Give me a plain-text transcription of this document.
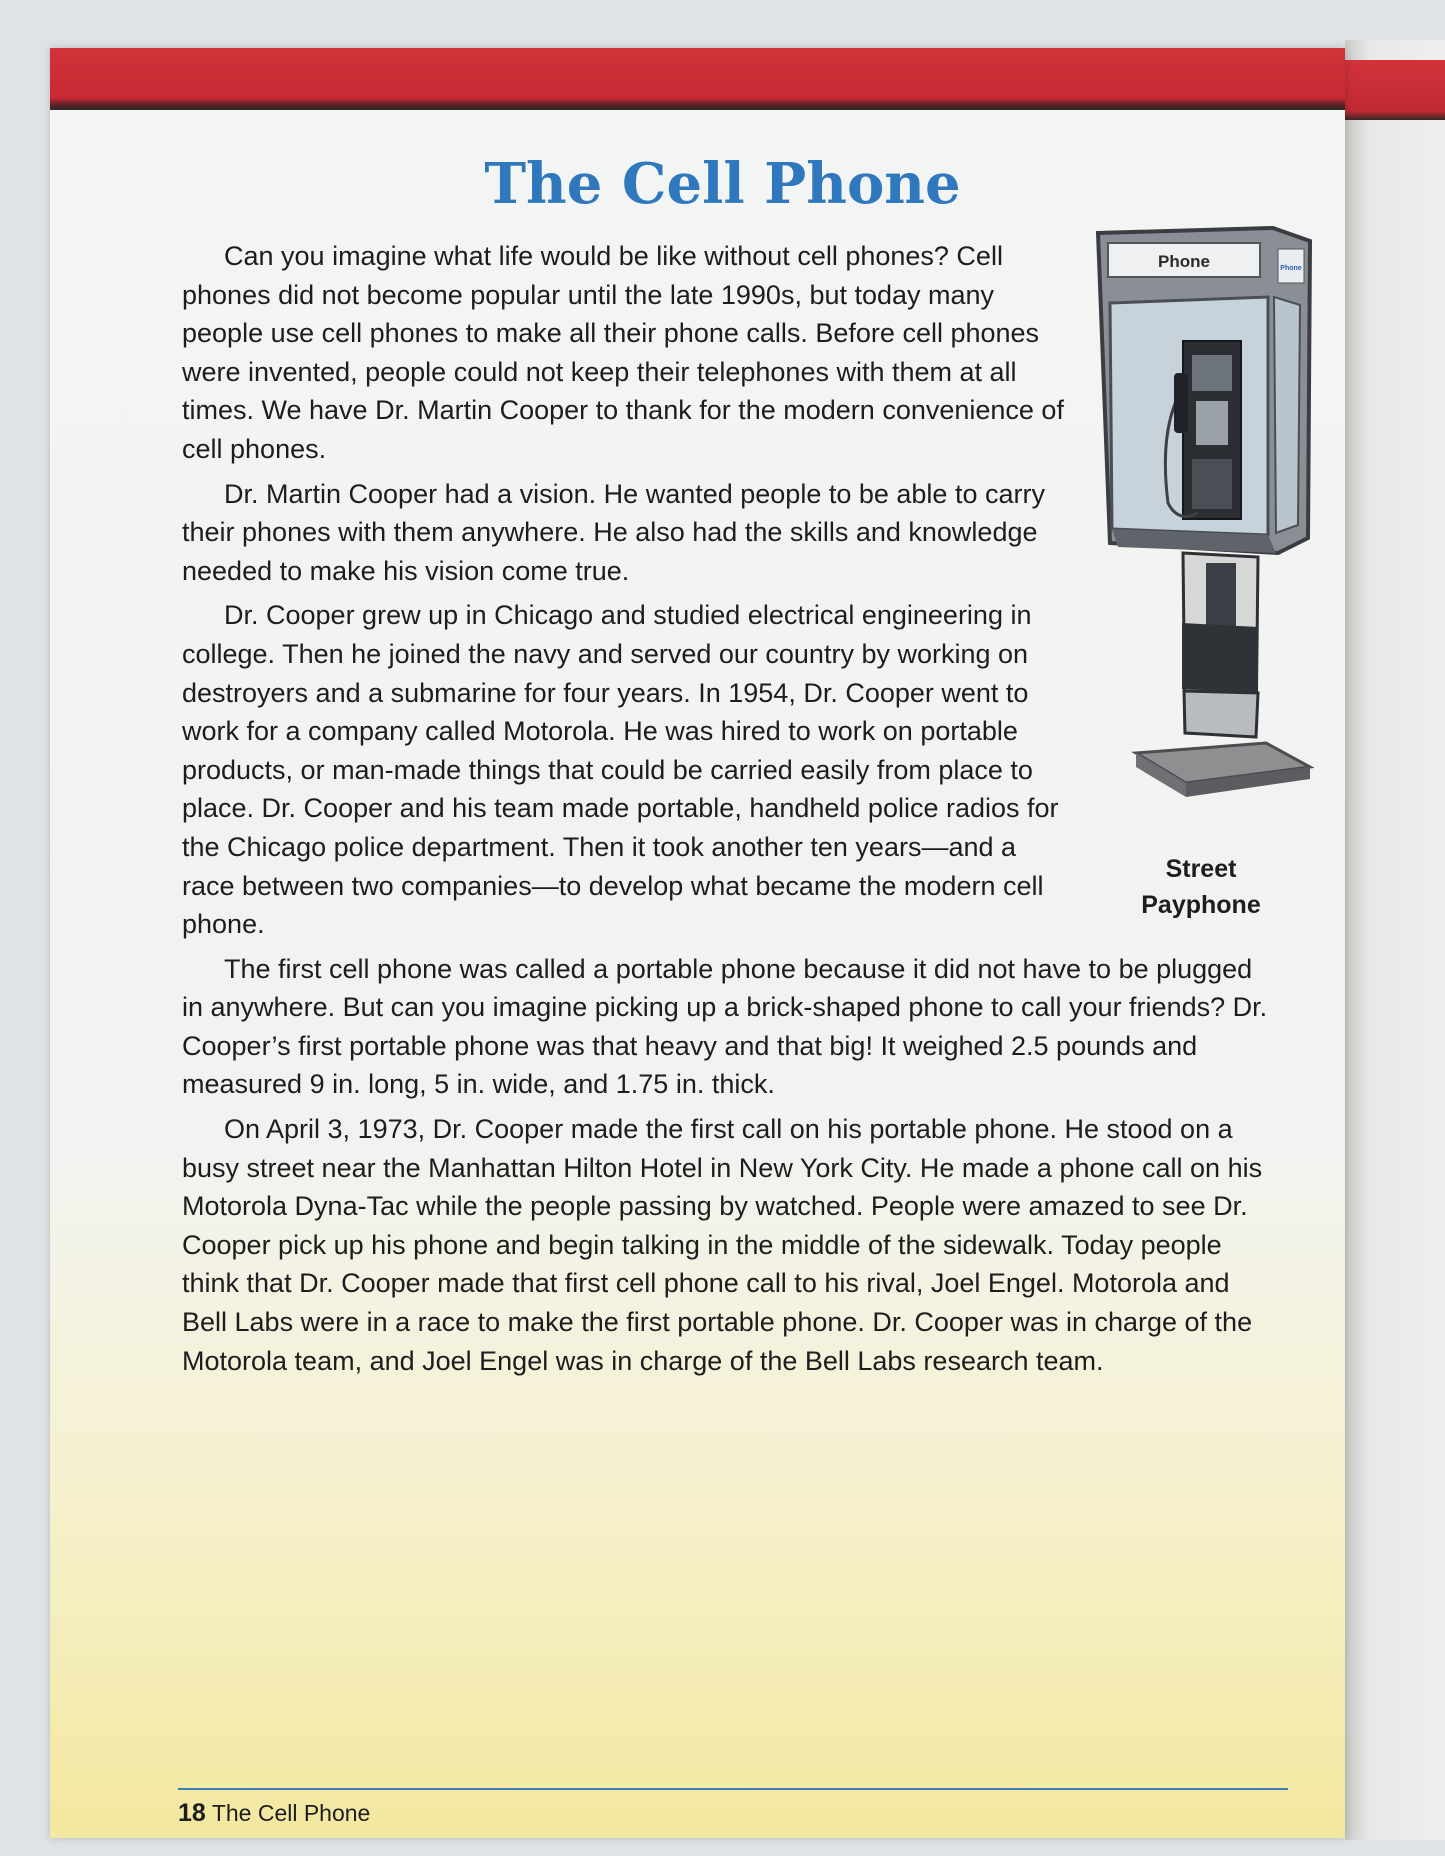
18 The Cell Phone
The Cell Phone
Phone	Phone
Street
Payphone

Can you imagine what life would be like without cell phones? Cell phones did not become popular until the late 1990s, but today many people use cell phones to make all their phone calls. Before cell phones were invented, people could not keep their telephones with them at all times. We have Dr. Martin Cooper to thank for the modern convenience of cell phones.

Dr. Martin Cooper had a vision. He wanted people to be able to carry their phones with them anywhere. He also had the skills and knowledge needed to make his vision come true.

Dr. Cooper grew up in Chicago and studied electrical engineering in college. Then he joined the navy and served our country by working on destroyers and a submarine for four years. In 1954, Dr. Cooper went to work for a company called Motorola. He was hired to work on portable products, or man-made things that could be carried easily from place to place. Dr. Cooper and his team made portable, handheld police radios for the Chicago police department. Then it took another ten years—and a race between two companies—to develop what became the modern cell phone.

The first cell phone was called a portable phone because it did not have to be plugged in anywhere. But can you imagine picking up a brick-shaped phone to call your friends? Dr. Cooper’s first portable phone was that heavy and that big! It weighed 2.5 pounds and measured 9 in. long, 5 in. wide, and 1.75 in. thick.

On April 3, 1973, Dr. Cooper made the first call on his portable phone. He stood on a busy street near the Manhattan Hilton Hotel in New York City. He made a phone call on his Motorola Dyna-Tac while the people passing by watched. People were amazed to see Dr. Cooper pick up his phone and begin talking in the middle of the sidewalk. Today people think that Dr. Cooper made that first cell phone call to his rival, Joel Engel. Motorola and Bell Labs were in a race to make the first portable phone. Dr. Cooper was in charge of the Motorola team, and Joel Engel was in charge of the Bell Labs research team.
